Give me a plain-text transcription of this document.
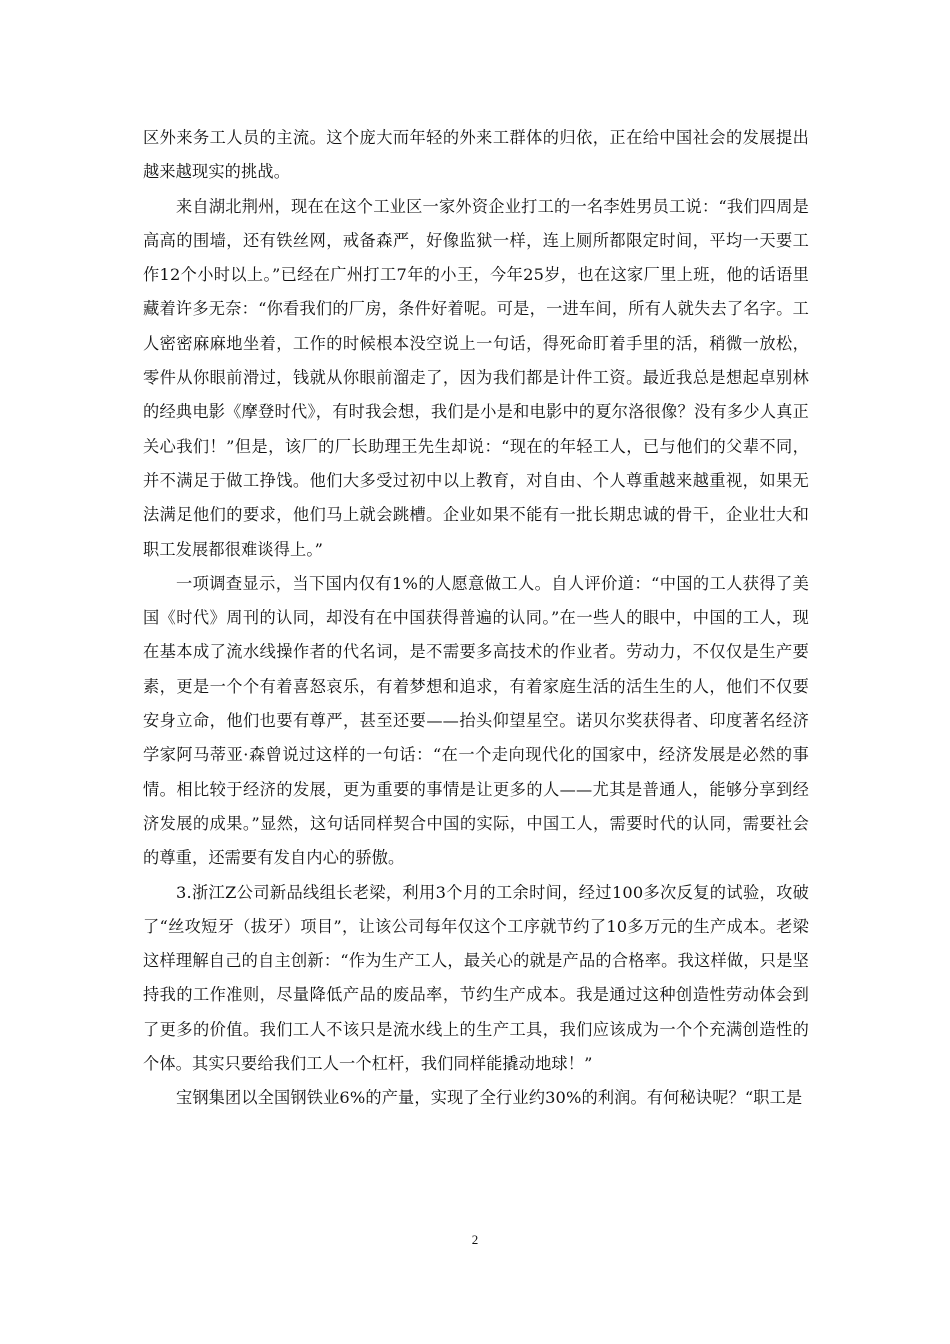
区外来务工人员的主流。这个庞大而年轻的外来工群体的归依，正在给中国社会的发展提出越来越现实的挑战。

来自湖北荆州，现在在这个工业区一家外资企业打工的一名李姓男员工说：“我们四周是高高的围墙，还有铁丝网，戒备森严，好像监狱一样，连上厕所都限定时间，平均一天要工作12个小时以上。”已经在广州打工7年的小王，今年25岁，也在这家厂里上班，他的话语里藏着许多无奈：“你看我们的厂房，条件好着呢。可是，一进车间，所有人就失去了名字。工人密密麻麻地坐着，工作的时候根本没空说上一句话，得死命盯着手里的活，稍微一放松，零件从你眼前滑过，钱就从你眼前溜走了，因为我们都是计件工资。最近我总是想起卓别林的经典电影《摩登时代》，有时我会想，我们是小是和电影中的夏尔洛很像？没有多少人真正关心我们！”但是，该厂的厂长助理王先生却说：“现在的年轻工人，已与他们的父辈不同，并不满足于做工挣饯。他们大多受过初中以上教育，对自由、个人尊重越来越重视，如果无法满足他们的要求，他们马上就会跳槽。企业如果不能有一批长期忠诚的骨干，企业壮大和职工发展都很难谈得上。”

一项调查显示，当下国内仅有1%的人愿意做工人。自人评价道：“中国的工人获得了美国《时代》周刊的认同，却没有在中国获得普遍的认同。”在一些人的眼中，中国的工人，现在基本成了流水线操作者的代名词，是不需要多高技术的作业者。劳动力，不仅仅是生产要素，更是一个个有着喜怒哀乐，有着梦想和追求，有着家庭生活的活生生的人，他们不仅要安身立命，他们也要有尊严，甚至还要——抬头仰望星空。诺贝尔奖获得者、印度著名经济学家阿马蒂亚·森曾说过这样的一句话：“在一个走向现代化的国家中，经济发展是必然的事情。相比较于经济的发展，更为重要的事情是让更多的人——尤其是普通人，能够分享到经济发展的成果。”显然，这句话同样契合中国的实际，中国工人，需要时代的认同，需要社会的尊重，还需要有发自内心的骄傲。

3.浙江Z公司新品线组长老梁，利用3个月的工余时间，经过100多次反复的试验，攻破了“丝攻短牙（拔牙）项目”，让该公司每年仅这个工序就节约了10多万元的生产成本。老梁这样理解自己的自主创新：“作为生产工人，最关心的就是产品的合格率。我这样做，只是坚持我的工作准则，尽量降低产品的废品率，节约生产成本。我是通过这种创造性劳动体会到了更多的价值。我们工人不该只是流水线上的生产工具，我们应该成为一个个充满创造性的个体。其实只要给我们工人一个杠杆，我们同样能撬动地球！”

宝钢集团以全国钢铁业6%的产量，实现了全行业约30%的利润。有何秘诀呢？“职工是

2
